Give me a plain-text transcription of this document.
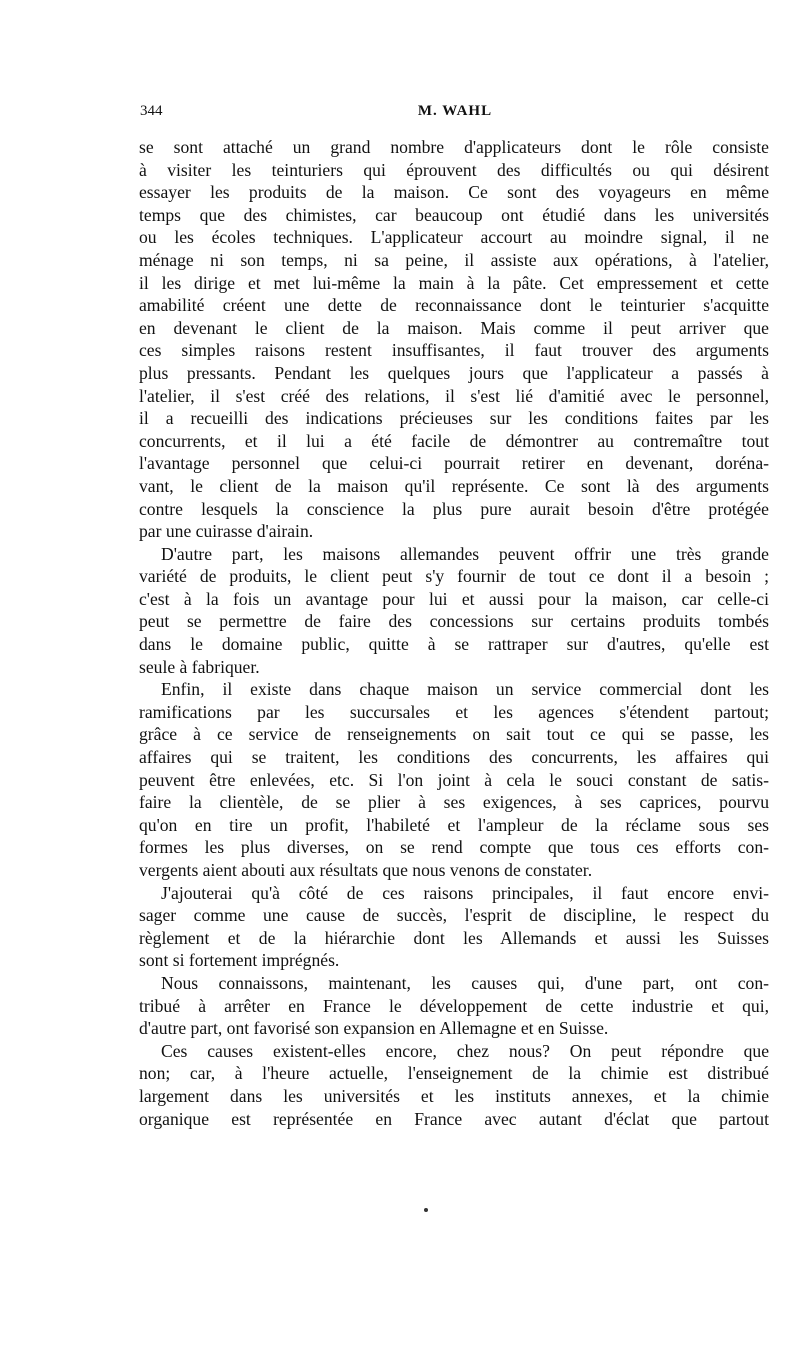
344	M. WAHL
se sont attaché un grand nombre d'applicateurs dont le rôle consiste
à visiter les teinturiers qui éprouvent des difficultés ou qui désirent
essayer les produits de la maison. Ce sont des voyageurs en même
temps que des chimistes, car beaucoup ont étudié dans les universités
ou les écoles techniques. L'applicateur accourt au moindre signal, il ne
ménage ni son temps, ni sa peine, il assiste aux opérations, à l'atelier,
il les dirige et met lui-même la main à la pâte. Cet empressement et cette
amabilité créent une dette de reconnaissance dont le teinturier s'acquitte
en devenant le client de la maison. Mais comme il peut arriver que
ces simples raisons restent insuffisantes, il faut trouver des arguments
plus pressants. Pendant les quelques jours que l'applicateur a passés à
l'atelier, il s'est créé des relations, il s'est lié d'amitié avec le personnel,
il a recueilli des indications précieuses sur les conditions faites par les
concurrents, et il lui a été facile de démontrer au contremaître tout
l'avantage personnel que celui-ci pourrait retirer en devenant, doréna-
vant, le client de la maison qu'il représente. Ce sont là des arguments
contre lesquels la conscience la plus pure aurait besoin d'être protégée
par une cuirasse d'airain.
D'autre part, les maisons allemandes peuvent offrir une très grande
variété de produits, le client peut s'y fournir de tout ce dont il a besoin ;
c'est à la fois un avantage pour lui et aussi pour la maison, car celle-ci
peut se permettre de faire des concessions sur certains produits tombés
dans le domaine public, quitte à se rattraper sur d'autres, qu'elle est
seule à fabriquer.
Enfin, il existe dans chaque maison un service commercial dont les
ramifications par les succursales et les agences s'étendent partout;
grâce à ce service de renseignements on sait tout ce qui se passe, les
affaires qui se traitent, les conditions des concurrents, les affaires qui
peuvent être enlevées, etc. Si l'on joint à cela le souci constant de satis-
faire la clientèle, de se plier à ses exigences, à ses caprices, pourvu
qu'on en tire un profit, l'habileté et l'ampleur de la réclame sous ses
formes les plus diverses, on se rend compte que tous ces efforts con-
vergents aient abouti aux résultats que nous venons de constater.
J'ajouterai qu'à côté de ces raisons principales, il faut encore envi-
sager comme une cause de succès, l'esprit de discipline, le respect du
règlement et de la hiérarchie dont les Allemands et aussi les Suisses
sont si fortement imprégnés.
Nous connaissons, maintenant, les causes qui, d'une part, ont con-
tribué à arrêter en France le développement de cette industrie et qui,
d'autre part, ont favorisé son expansion en Allemagne et en Suisse.
Ces causes existent-elles encore, chez nous? On peut répondre que
non; car, à l'heure actuelle, l'enseignement de la chimie est distribué
largement dans les universités et les instituts annexes, et la chimie
organique est représentée en France avec autant d'éclat que partout
